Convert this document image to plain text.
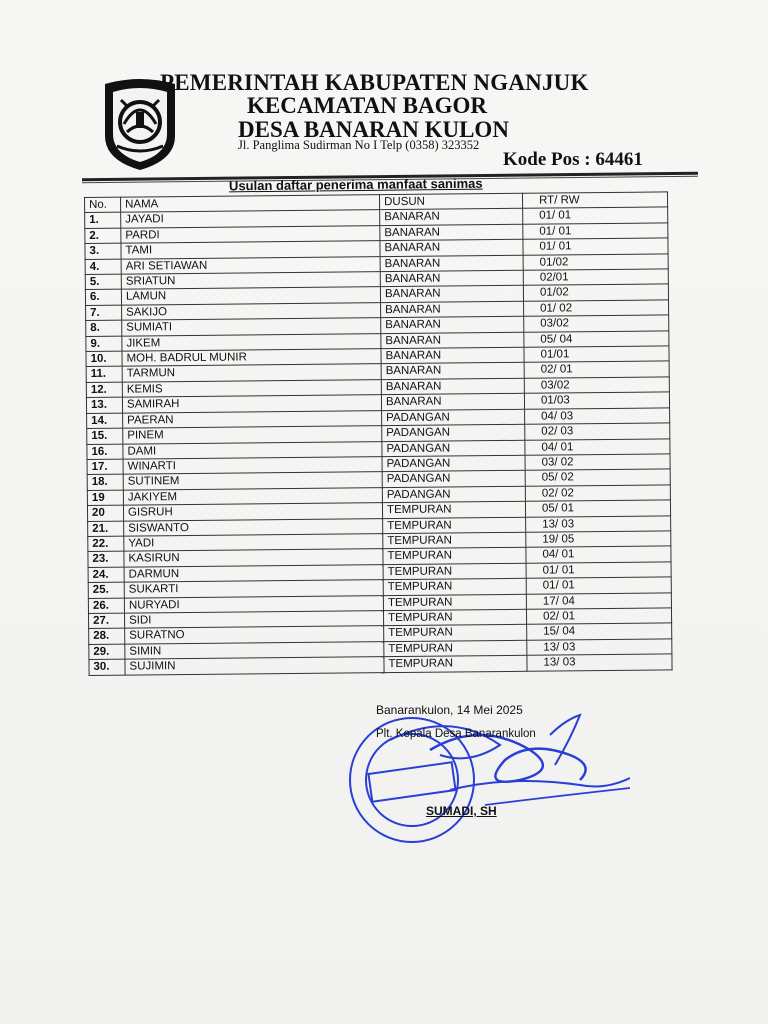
PEMERINTAH KABUPATEN NGANJUK
KECAMATAN BAGOR
DESA BANARAN KULON
Jl. Panglima Sudirman No I Telp (0358) 323352
Kode Pos : 64461
Usulan daftar penerima manfaat sanimas
No.	NAMA	DUSUN	RT/ RW
1.	JAYADI	BANARAN	01/ 01
2.	PARDI	BANARAN	01/ 01
3.	TAMI	BANARAN	01/ 01
4.	ARI SETIAWAN	BANARAN	01/02
5.	SRIATUN	BANARAN	02/01
6.	LAMUN	BANARAN	01/02
7.	SAKIJO	BANARAN	01/ 02
8.	SUMIATI	BANARAN	03/02
9.	JIKEM	BANARAN	05/ 04
10.	MOH. BADRUL MUNIR	BANARAN	01/01
11.	TARMUN	BANARAN	02/ 01
12.	KEMIS	BANARAN	03/02
13.	SAMIRAH	BANARAN	01/03
14.	PAERAN	PADANGAN	04/ 03
15.	PINEM	PADANGAN	02/ 03
16.	DAMI	PADANGAN	04/ 01
17.	WINARTI	PADANGAN	03/ 02
18.	SUTINEM	PADANGAN	05/ 02
19	JAKIYEM	PADANGAN	02/ 02
20	GISRUH	TEMPURAN	05/ 01
21.	SISWANTO	TEMPURAN	13/ 03
22.	YADI	TEMPURAN	19/ 05
23.	KASIRUN	TEMPURAN	04/ 01
24.	DARMUN	TEMPURAN	01/ 01
25.	SUKARTI	TEMPURAN	01/ 01
26.	NURYADI	TEMPURAN	17/ 04
27.	SIDI	TEMPURAN	02/ 01
28.	SURATNO	TEMPURAN	15/ 04
29.	SIMIN	TEMPURAN	13/ 03
30.	SUJIMIN	TEMPURAN	13/ 03
Banarankulon, 14 Mei 2025
Plt. Kepala Desa Banarankulon
SUMADI, SH
